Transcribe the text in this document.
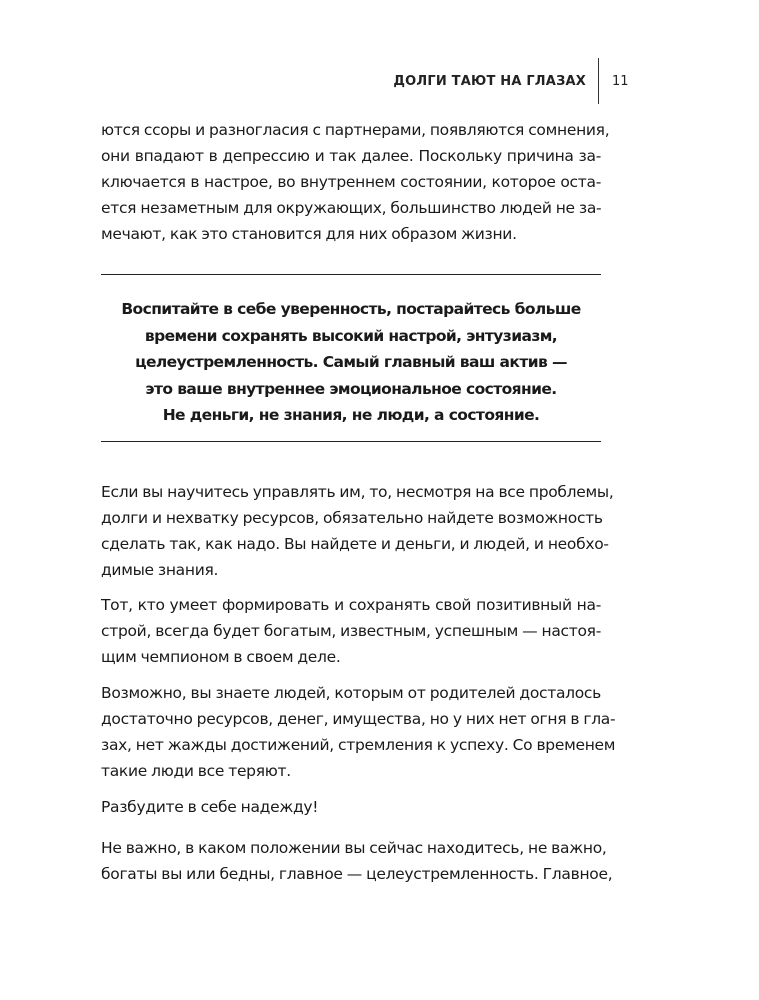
ДОЛГИ ТАЮТ НА ГЛАЗАХ 11

ются ссоры и разногласия с партнерами, появляются сомнения,
они впадают в депрессию и так далее. Поскольку причина за-
ключается в настрое, во внутреннем состоянии, которое оста-
ется незаметным для окружающих, большинство людей не за-
мечают, как это становится для них образом жизни.

Воспитайте в себе уверенность, постарайтесь больше
времени сохранять высокий настрой, энтузиазм,
целеустремленность. Самый главный ваш актив —
это ваше внутреннее эмоциональное состояние.
Не деньги, не знания, не люди, а состояние.

Если вы научитесь управлять им, то, несмотря на все проблемы,
долги и нехватку ресурсов, обязательно найдете возможность
сделать так, как надо. Вы найдете и деньги, и людей, и необхо-
димые знания.

Тот, кто умеет формировать и сохранять свой позитивный на-
строй, всегда будет богатым, известным, успешным — настоя-
щим чемпионом в своем деле.

Возможно, вы знаете людей, которым от родителей досталось
достаточно ресурсов, денег, имущества, но у них нет огня в гла-
зах, нет жажды достижений, стремления к успеху. Со временем
такие люди все теряют.

Разбудите в себе надежду!

Не важно, в каком положении вы сейчас находитесь, не важно,
богаты вы или бедны, главное — целеустремленность. Главное,
